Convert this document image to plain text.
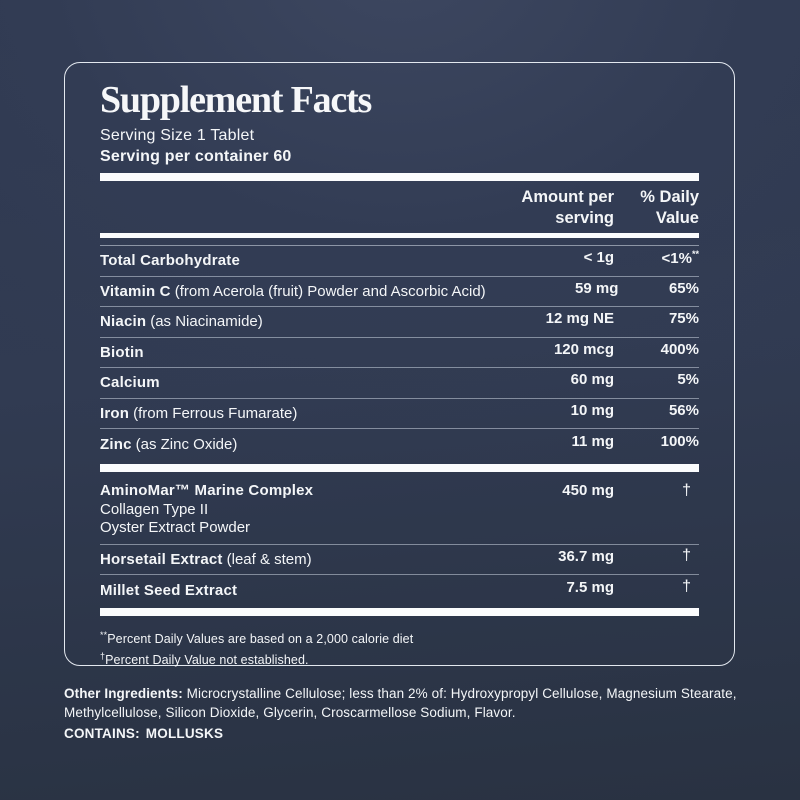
Supplement Facts
Serving Size 1 Tablet
Serving per container 60
Amount per
serving
% Daily
Value
Total Carbohydrate	< 1g	<1%**
Vitamin C (from Acerola (fruit) Powder and Ascorbic Acid)	59 mg	65%
Niacin (as Niacinamide)	12 mg NE	75%
Biotin	120 mcg	400%
Calcium	60 mg	5%
Iron (from Ferrous Fumarate)	10 mg	56%
Zinc (as Zinc Oxide)	11 mg	100%
AminoMar™ Marine Complex	450 mg	†
Collagen Type II
Oyster Extract Powder
Horsetail Extract (leaf & stem)	36.7 mg	†
Millet Seed Extract	7.5 mg	†
**Percent Daily Values are based on a 2,000 calorie diet
†Percent Daily Value not established.
Other Ingredients: Microcrystalline Cellulose; less than 2% of: Hydroxypropyl Cellulose, Magnesium Stearate, Methylcellulose, Silicon Dioxide, Glycerin, Croscarmellose Sodium, Flavor.
CONTAINS: MOLLUSKS
